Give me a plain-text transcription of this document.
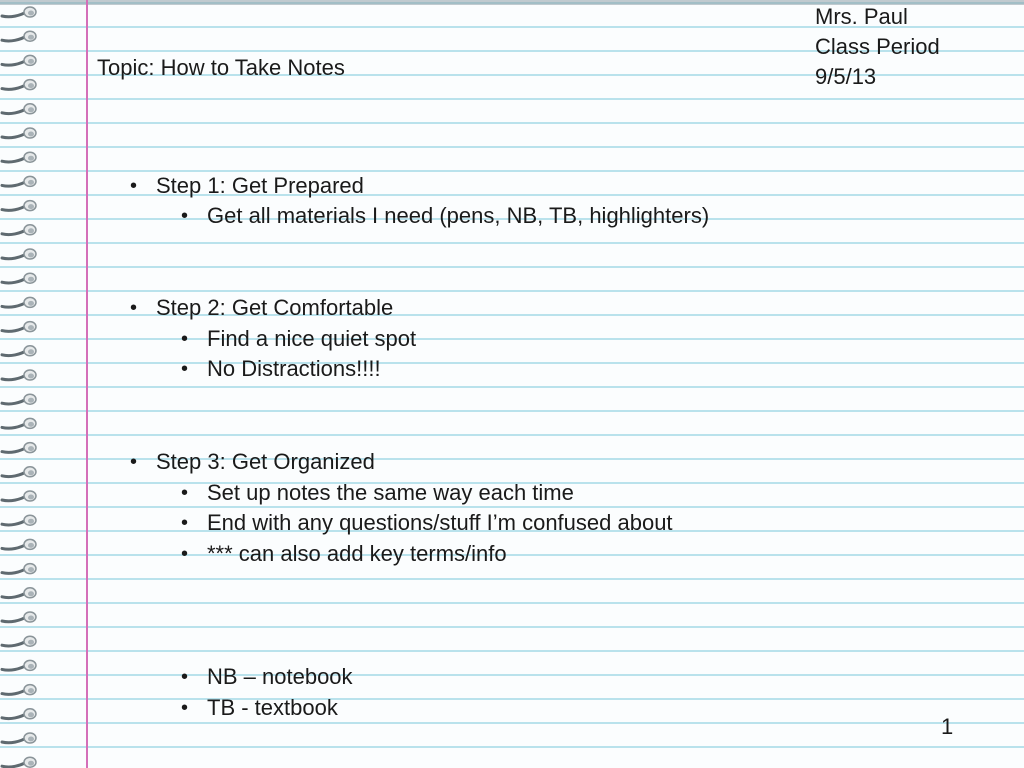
Topic: How to Take Notes
Mrs. Paul
Class Period
9/5/13
• Step 1: Get Prepared
• Get all materials I need (pens, NB, TB, highlighters)
• Step 2: Get Comfortable
• Find a nice quiet spot
• No Distractions!!!!
• Step 3: Get Organized
• Set up notes the same way each time
• End with any questions/stuff I’m confused about
• *** can also add key terms/info
• NB – notebook
• TB - textbook
1
